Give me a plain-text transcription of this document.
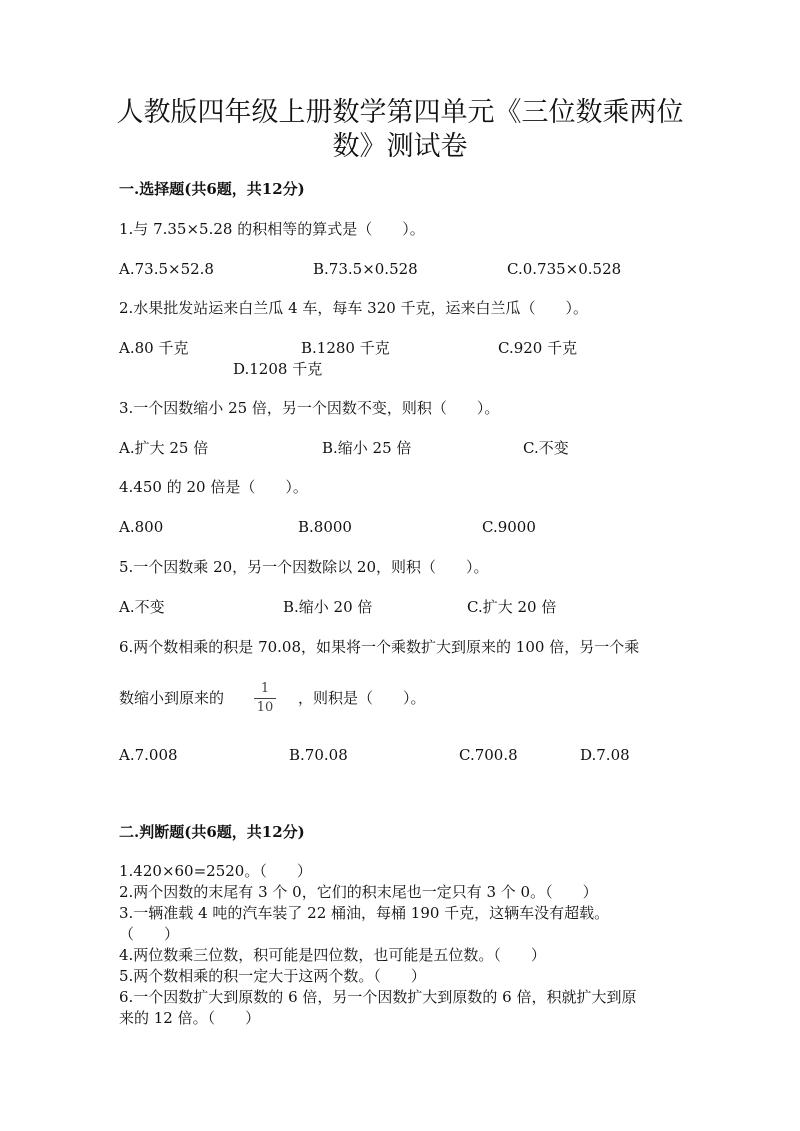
人教版四年级上册数学第四单元《三位数乘两位
数》测试卷
一.选择题(共6题，共12分)
1.与 7.35×5.28 的积相等的算式是（　　）。
A.73.5×52.8	B.73.5×0.528	C.0.735×0.528
2.水果批发站运来白兰瓜 4 车，每车 320 千克，运来白兰瓜（　　）。
A.80 千克	B.1280 千克	C.920 千克
D.1208 千克
3.一个因数缩小 25 倍，另一个因数不变，则积（　　）。
A.扩大 25 倍	B.缩小 25 倍	C.不变
4.450 的 20 倍是（　　）。
A.800	B.8000	C.9000
5.一个因数乘 20，另一个因数除以 20，则积（　　）。
A.不变	B.缩小 20 倍	C.扩大 20 倍
6.两个数相乘的积是 70.08，如果将一个乘数扩大到原来的 100 倍，另一个乘
数缩小到原来的
1
10
，则积是（　　）。
A.7.008	B.70.08	C.700.8	D.7.08
二.判断题(共6题，共12分)
1.420×60=2520。（　　）
2.两个因数的末尾有 3 个 0，它们的积末尾也一定只有 3 个 0。（　　）
3.一辆准载 4 吨的汽车装了 22 桶油，每桶 190 千克，这辆车没有超载。
（　　）
4.两位数乘三位数，积可能是四位数，也可能是五位数。（　　）
5.两个数相乘的积一定大于这两个数。（　　）
6.一个因数扩大到原数的 6 倍，另一个因数扩大到原数的 6 倍，积就扩大到原
来的 12 倍。（　　）
